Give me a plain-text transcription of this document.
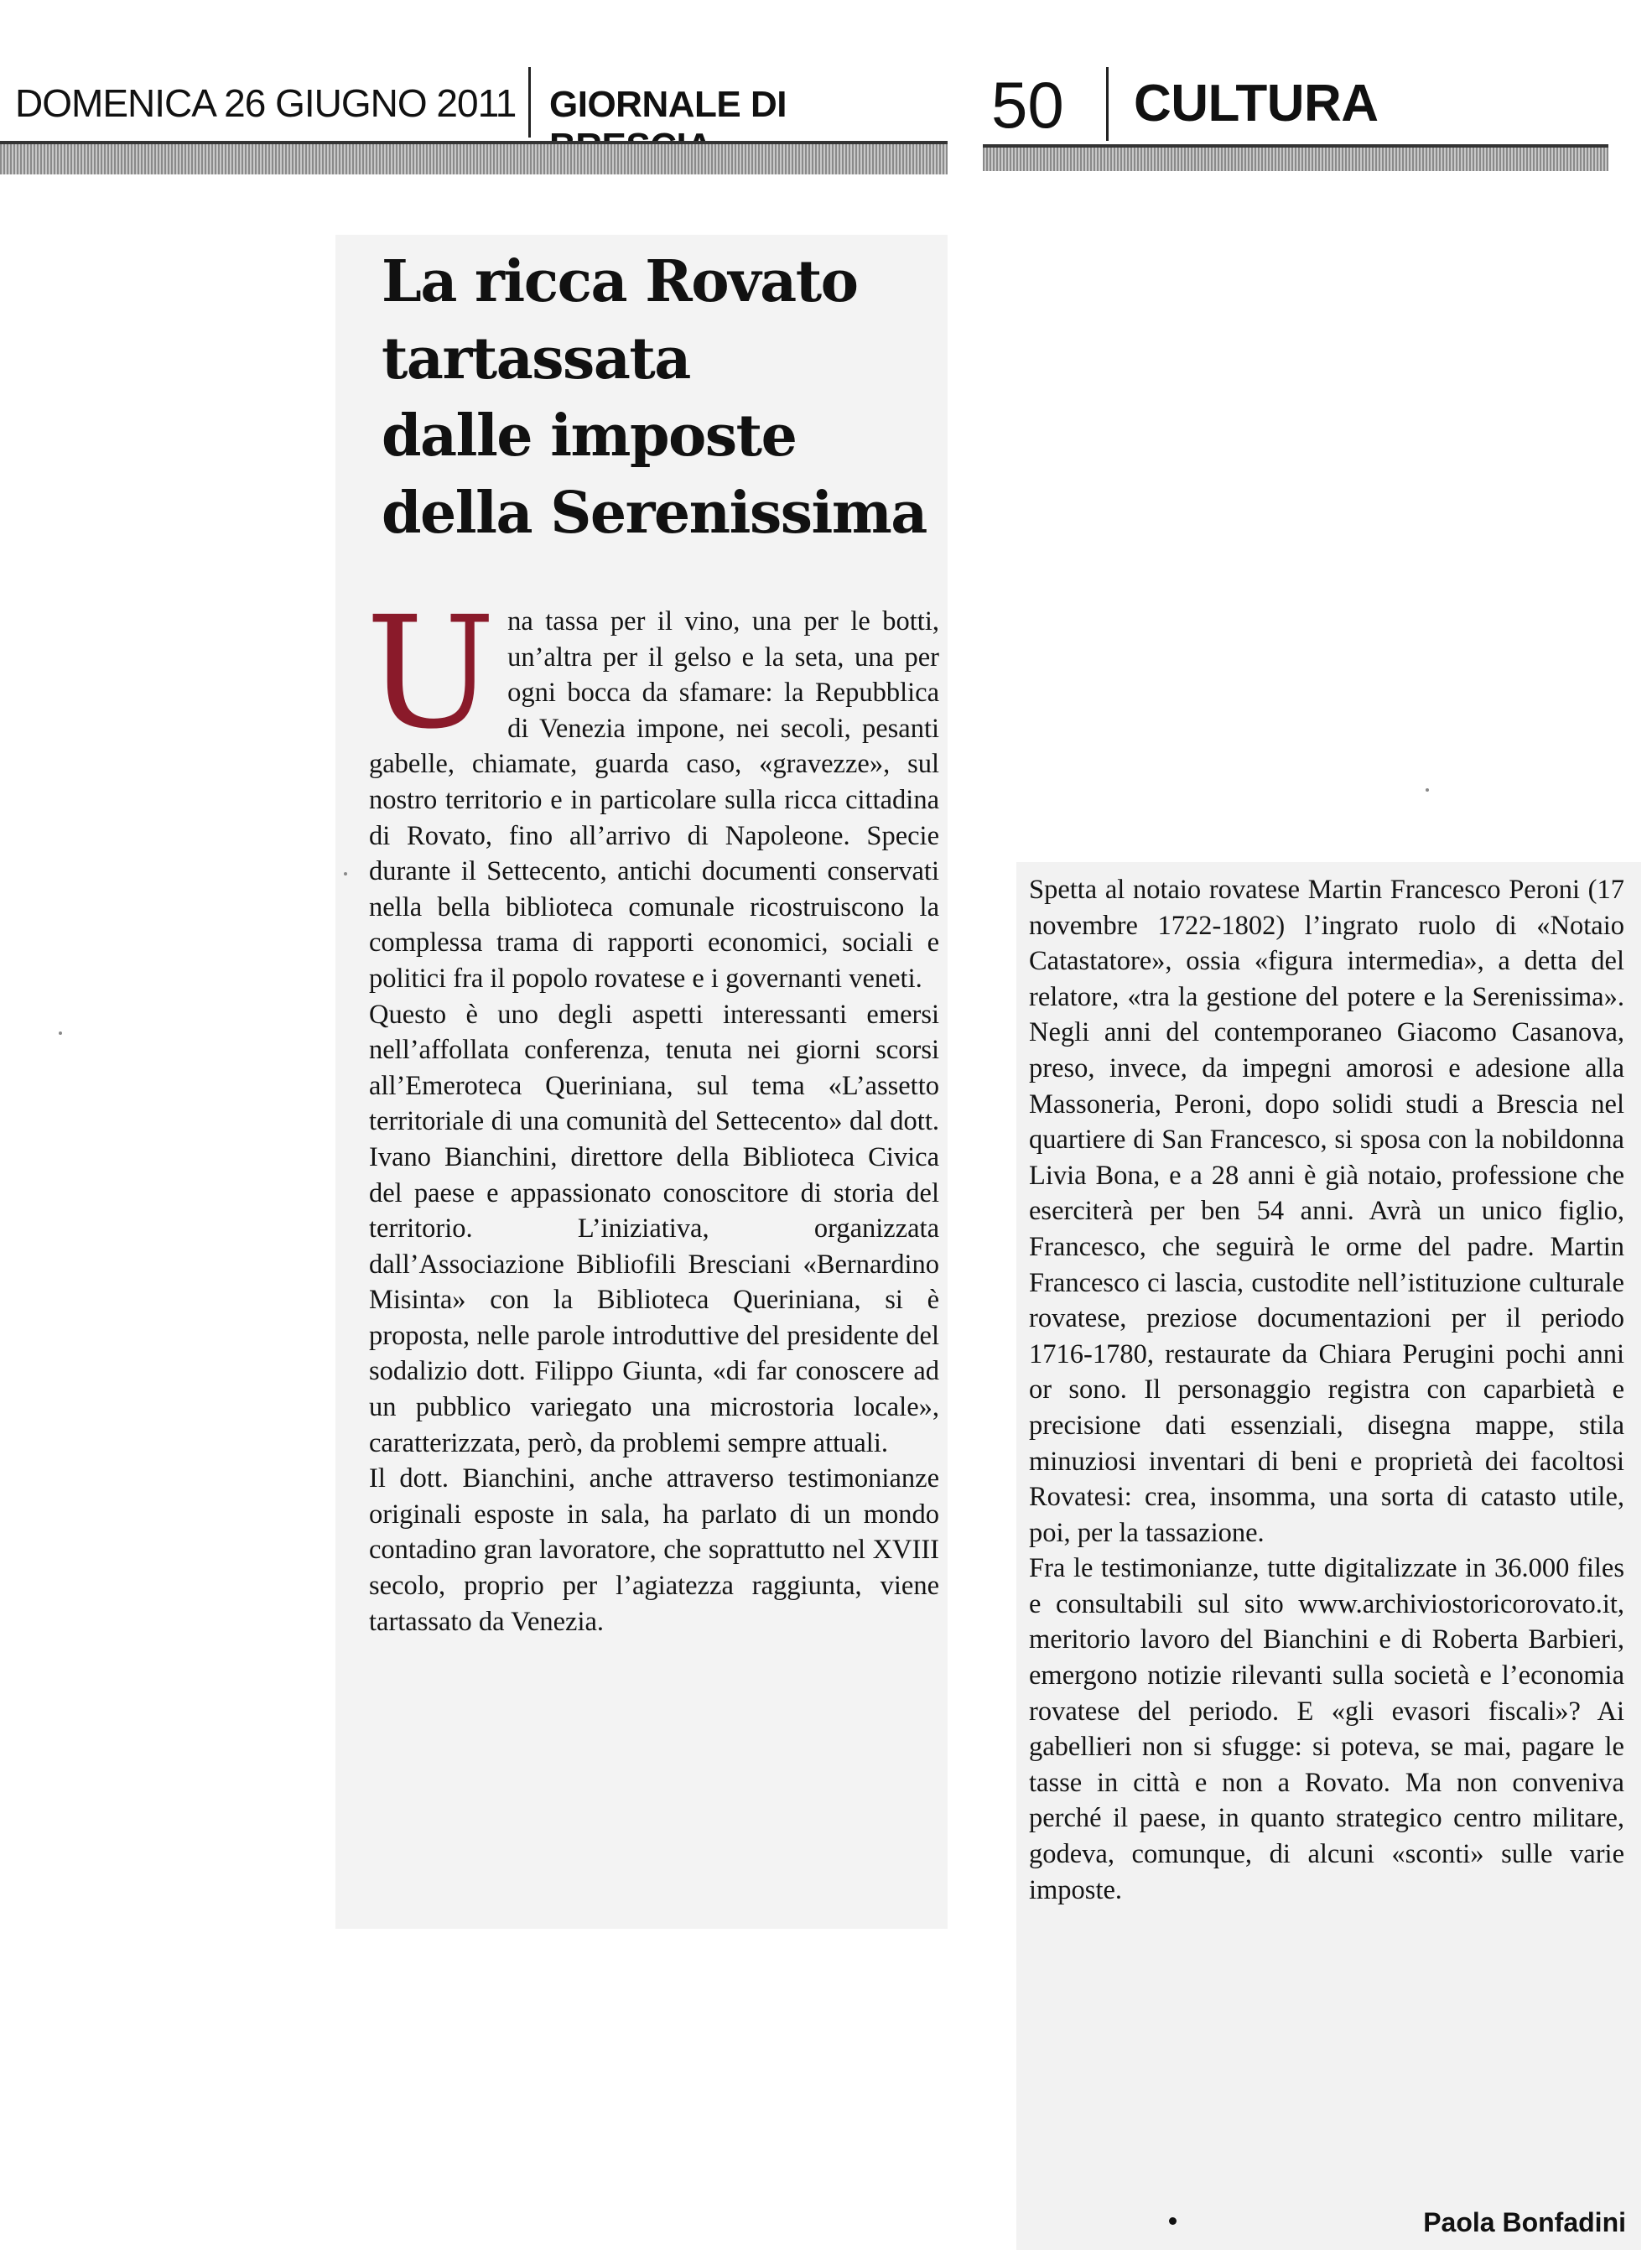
DOMENICA 26 GIUGNO 2011 GIORNALE DI	50 CULTURA
La ricca Rovato
tartassata
dalle imposte
della Serenissima

Una tassa per il vino, una per le botti, un’altra per il gelso e la seta, una per ogni bocca da sfamare: la Repubblica di Venezia impone, nei secoli, pesanti gabelle, chiamate, guarda caso, «gravezze», sul nostro territorio e in particolare sulla ricca cittadina di Rovato, fino all’arrivo di Napoleone. Specie durante il Settecento, antichi documenti conservati nella bella biblioteca comunale ricostruiscono la complessa trama di rapporti economici, sociali e politici fra il popolo rovatese e i governanti veneti.

Questo è uno degli aspetti interessanti emersi nell’affollata conferenza, tenuta nei giorni scorsi all’Emeroteca Queriniana, sul tema «L’assetto territoriale di una comunità del Settecento» dal dott. Ivano Bianchini, direttore della Biblioteca Civica del paese e appassionato conoscitore di storia del territorio. L’iniziativa, organizzata dall’Associazione Bibliofili Bresciani «Bernardino Misinta» con la Biblioteca Queriniana, si è proposta, nelle parole introduttive del presidente del sodalizio dott. Filippo Giunta, «di far conoscere ad un pubblico variegato una microstoria locale», caratterizzata, però, da problemi sempre attuali.

Il dott. Bianchini, anche attraverso testimonianze originali esposte in sala, ha parlato di un mondo contadino gran lavoratore, che soprattutto nel XVIII secolo, proprio per l’agiatezza raggiunta, viene tartassato da Venezia.

Spetta al notaio rovatese Martin Francesco Peroni (17 novembre 1722-1802) l’ingrato ruolo di «Notaio Catastatore», ossia «figura intermedia», a detta del relatore, «tra la gestione del potere e la Serenissima». Negli anni del contemporaneo Giacomo Casanova, preso, invece, da impegni amorosi e adesione alla Massoneria, Peroni, dopo solidi studi a Brescia nel quartiere di San Francesco, si sposa con la nobildonna Livia Bona, e a 28 anni è già notaio, professione che eserciterà per ben 54 anni. Avrà un unico figlio, Francesco, che seguirà le orme del padre. Martin Francesco ci lascia, custodite nell’istituzione culturale rovatese, preziose documentazioni per il periodo 1716-1780, restaurate da Chiara Perugini pochi anni or sono. Il personaggio registra con caparbietà e precisione dati essenziali, disegna mappe, stila minuziosi inventari di beni e proprietà dei facoltosi Rovatesi: crea, insomma, una sorta di catasto utile, poi, per la tassazione.

Fra le testimonianze, tutte digitalizzate in 36.000 files e consultabili sul sito www.archiviostoricorovato.it, meritorio lavoro del Bianchini e di Roberta Barbieri, emergono notizie rilevanti sulla società e l’economia rovatese del periodo. E «gli evasori fiscali»? Ai gabellieri non si sfugge: si poteva, se mai, pagare le tasse in città e non a Rovato. Ma non conveniva perché il paese, in quanto strategico centro militare, godeva, comunque, di alcuni «sconti» sulle varie imposte.

Paola Bonfadini
